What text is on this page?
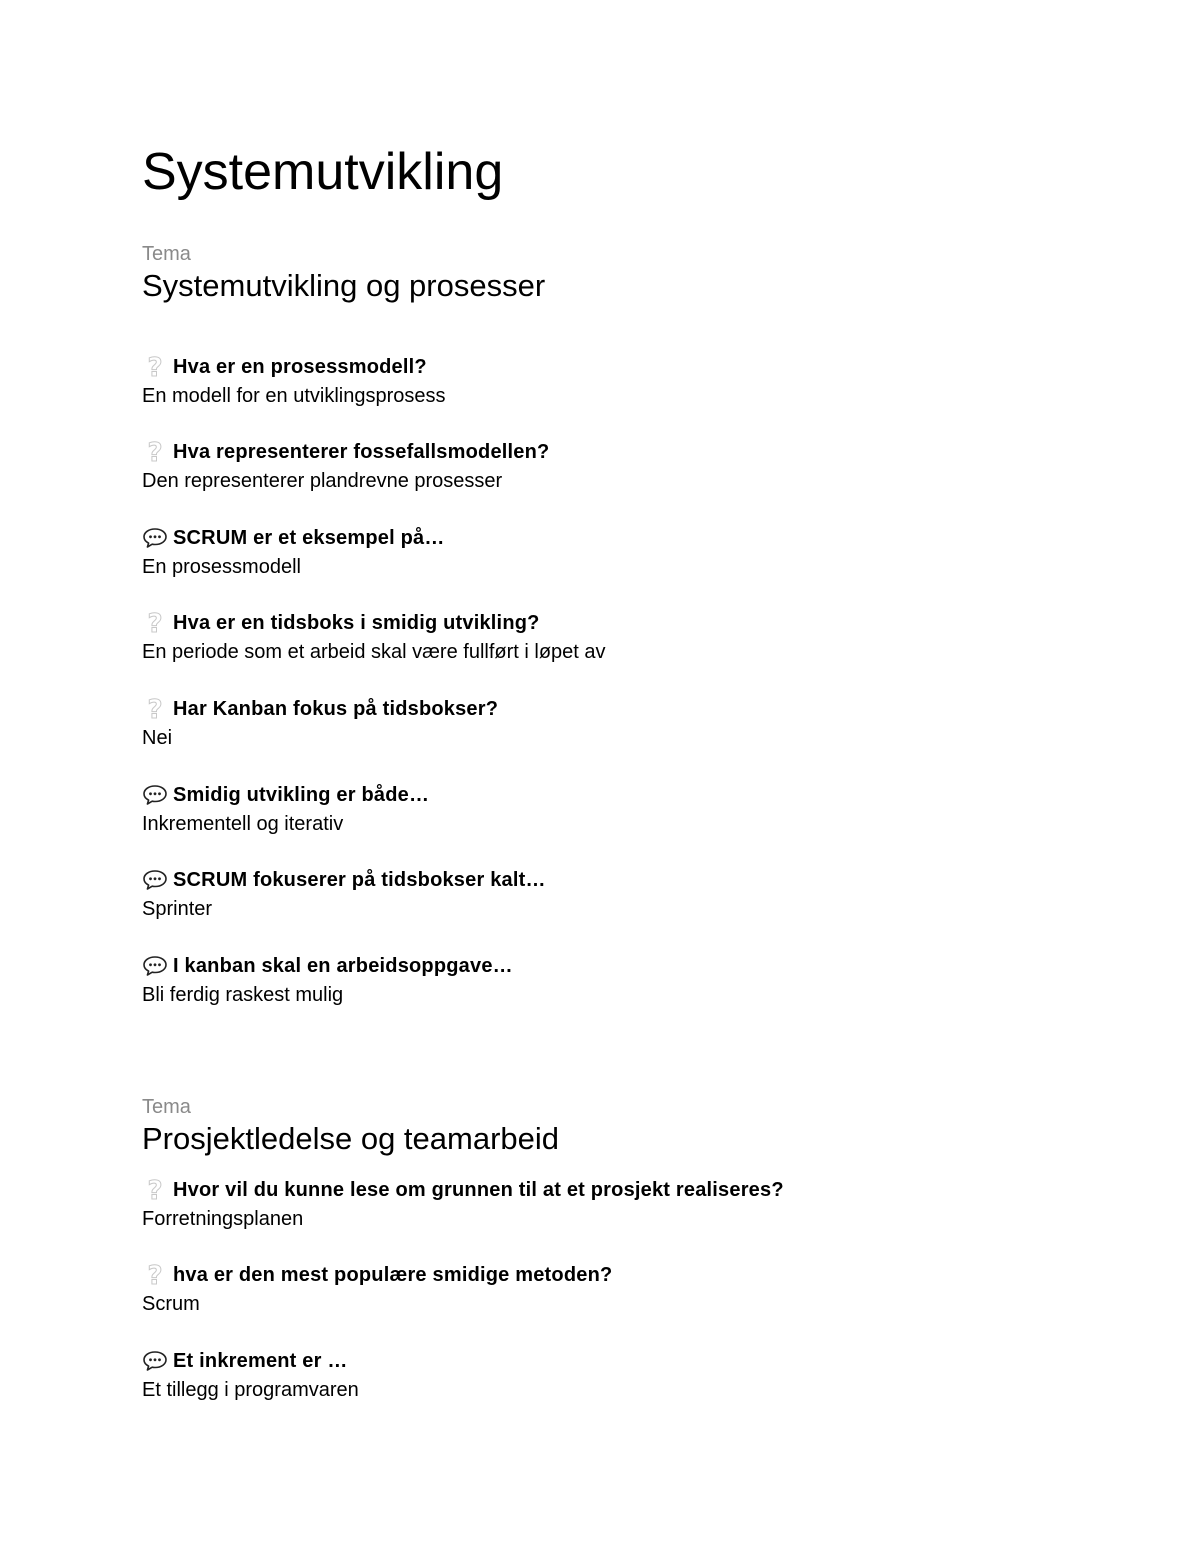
Systemutvikling
Tema
Systemutvikling og prosesser
? Hva er en prosessmodell?
En modell for en utviklingsprosess
? Hva representerer fossefallsmodellen?
Den representerer plandrevne prosesser
SCRUM er et eksempel på…
En prosessmodell
? Hva er en tidsboks i smidig utvikling?
En periode som et arbeid skal være fullført i løpet av
? Har Kanban fokus på tidsbokser?
Nei
Smidig utvikling er både…
Inkrementell og iterativ
SCRUM fokuserer på tidsbokser kalt…
Sprinter
I kanban skal en arbeidsoppgave…
Bli ferdig raskest mulig
Tema
Prosjektledelse og teamarbeid
? Hvor vil du kunne lese om grunnen til at et prosjekt realiseres?
Forretningsplanen
? hva er den mest populære smidige metoden?
Scrum
Et inkrement er …
Et tillegg i programvaren
